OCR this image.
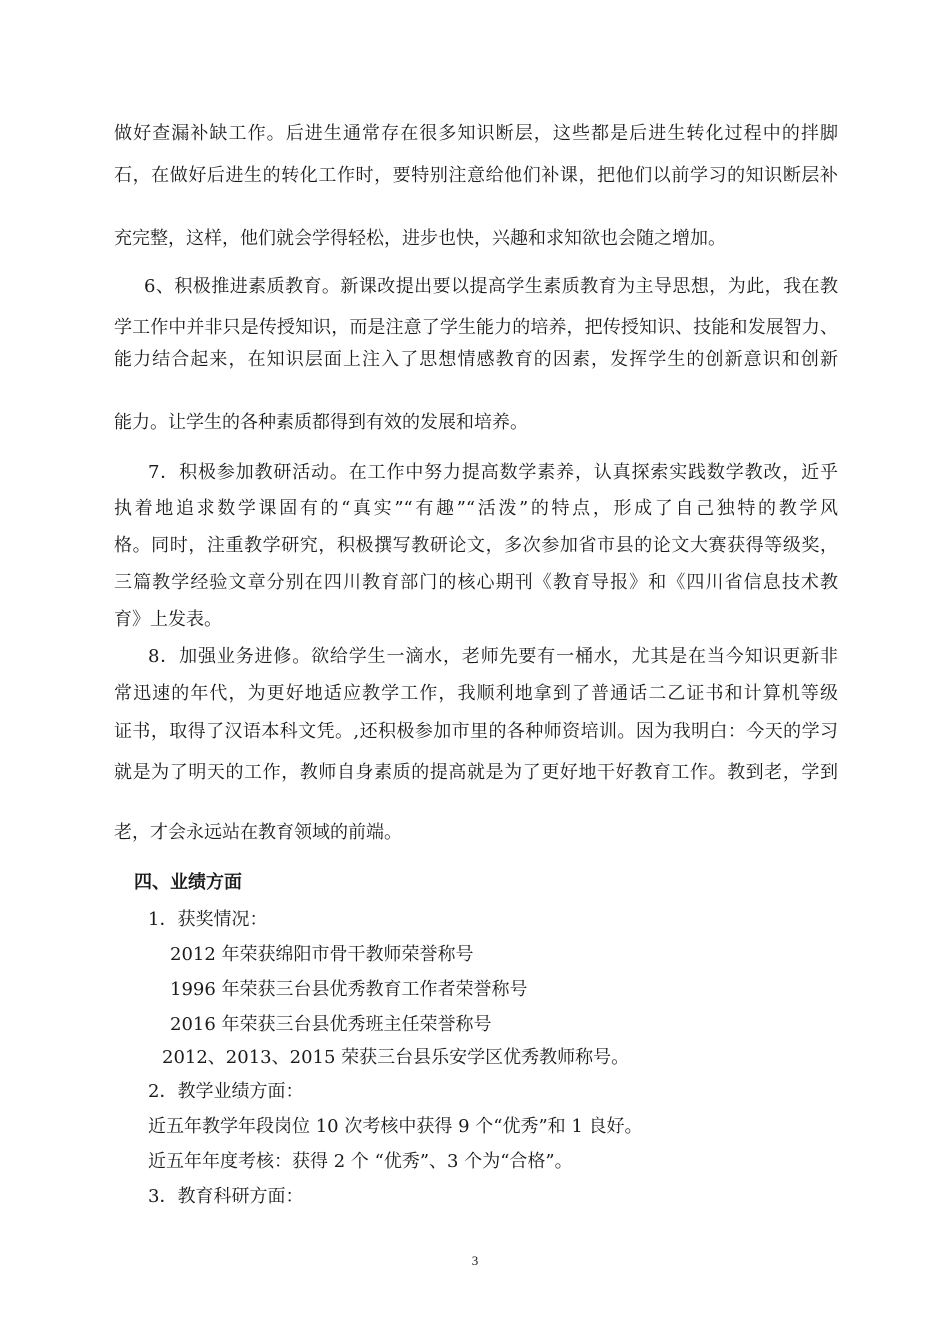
做好查漏补缺工作。后进生通常存在很多知识断层，这些都是后进生转化过程中的拌脚
石，在做好后进生的转化工作时，要特别注意给他们补课，把他们以前学习的知识断层补
充完整，这样，他们就会学得轻松，进步也快，兴趣和求知欲也会随之增加。
6、积极推进素质教育。新课改提出要以提高学生素质教育为主导思想，为此，我在教
学工作中并非只是传授知识，而是注意了学生能力的培养，把传授知识、技能和发展智力、
能力结合起来，在知识层面上注入了思想情感教育的因素，发挥学生的创新意识和创新
能力。让学生的各种素质都得到有效的发展和培养。
7．积极参加教研活动。在工作中努力提高数学素养，认真探索实践数学教改，近乎
执着地追求数学课固有的“真实”“有趣”“活泼”的特点，形成了自己独特的教学风
格。同时，注重教学研究，积极撰写教研论文，多次参加省市县的论文大赛获得等级奖，
三篇教学经验文章分别在四川教育部门的核心期刊《教育导报》和《四川省信息技术教
育》上发表。
8．加强业务进修。欲给学生一滴水，老师先要有一桶水，尤其是在当今知识更新非
常迅速的年代，为更好地适应教学工作，我顺利地拿到了普通话二乙证书和计算机等级
证书，取得了汉语本科文凭。,还积极参加市里的各种师资培训。因为我明白：今天的学习
就是为了明天的工作，教师自身素质的提高就是为了更好地干好教育工作。教到老，学到
老，才会永远站在教育领域的前端。
四、业绩方面
1．获奖情况：
2012 年荣获绵阳市骨干教师荣誉称号
1996 年荣获三台县优秀教育工作者荣誉称号
2016 年荣获三台县优秀班主任荣誉称号
2012、2013、2015 荣获三台县乐安学区优秀教师称号。
2．教学业绩方面：
近五年教学年段岗位 10 次考核中获得 9 个“优秀”和 1 良好。
近五年年度考核：获得 2 个 “优秀”、3 个为“合格”。
3．教育科研方面：
3
